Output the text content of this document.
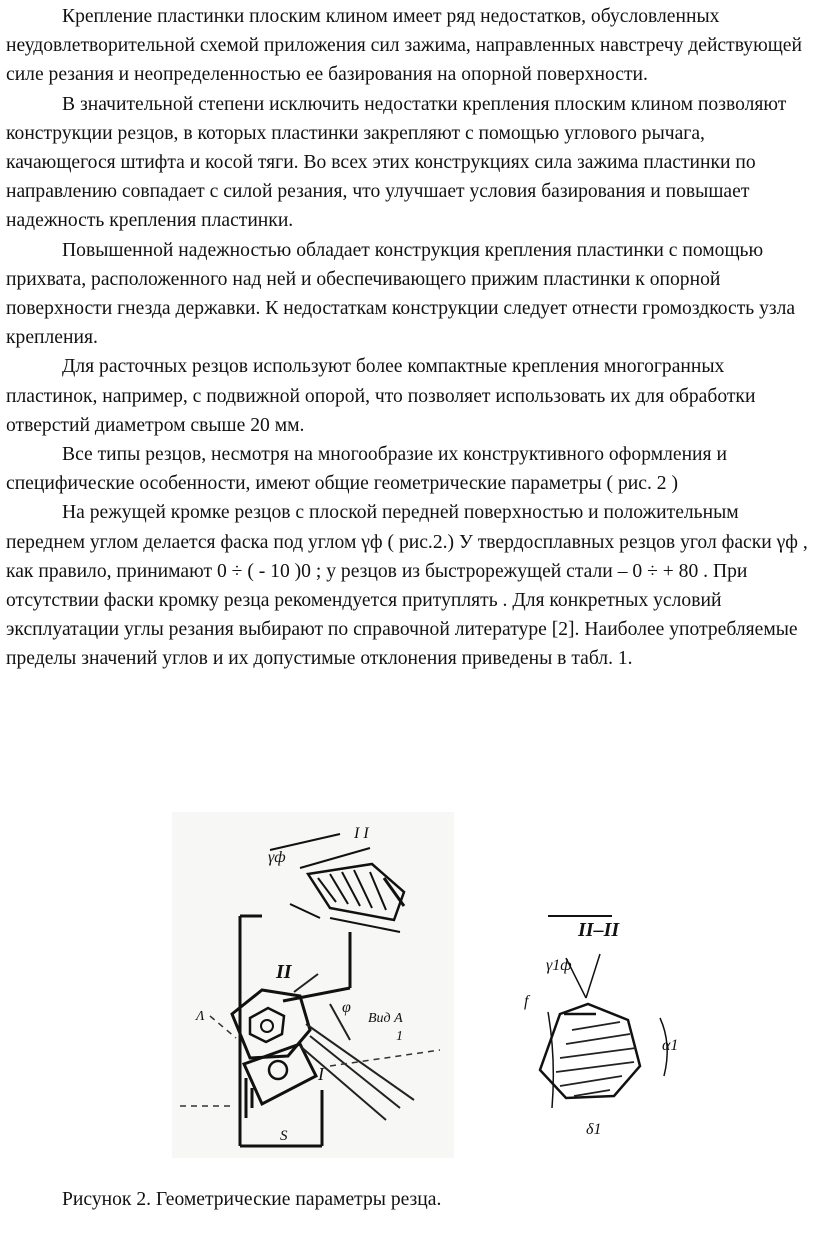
Крепление пластинки плоским клином имеет ряд недостатков, обусловленных неудовлетворительной схемой приложения сил зажима, направленных навстречу действующей силе резания и неопределенностью ее базирования на опорной поверхности.

В значительной степени исключить недостатки крепления плоским клином позволяют конструкции резцов, в которых пластинки закрепляют с помощью углового рычага, качающегося штифта и косой тяги. Во всех этих конструкциях сила зажима пластинки по направлению совпадает с силой резания, что улучшает условия базирования и повышает надежность крепления пластинки.

Повышенной надежностью обладает конструкция крепления пластинки с помощью прихвата, расположенного над ней и обеспечивающего прижим пластинки к опорной поверхности гнезда державки. К недостаткам конструкции следует отнести громоздкость узла крепления.

Для расточных резцов используют более компактные крепления многогранных пластинок, например, с подвижной опорой, что позволяет использовать их для обработки отверстий диаметром свыше 20 мм.

Все типы резцов, несмотря на многообразие их конструктивного оформления и специфические особенности, имеют общие геометрические параметры ( рис. 2 )

На режущей кромке резцов с плоской передней поверхностью и положительным переднем углом делается фаска под углом γф ( рис.2.) У твердосплавных резцов угол фаски γф , как правило, принимают 0 ÷ ( - 10 )0 ; у резцов из быстрорежущей стали – 0 ÷ + 80 . При отсутствии фаски кромку резца рекомендуется притуплять . Для конкретных условий эксплуатации углы резания выбирают по справочной литературе [2]. Наиболее употребляемые пределы значений углов и их допустимые отклонения приведены в табл. 1.

γф
I I
II
φ
Вид А
1
I
Λ
S
II–II
γ1ф
f
α1
δ1
Рисунок 2. Геометрические параметры резца.
